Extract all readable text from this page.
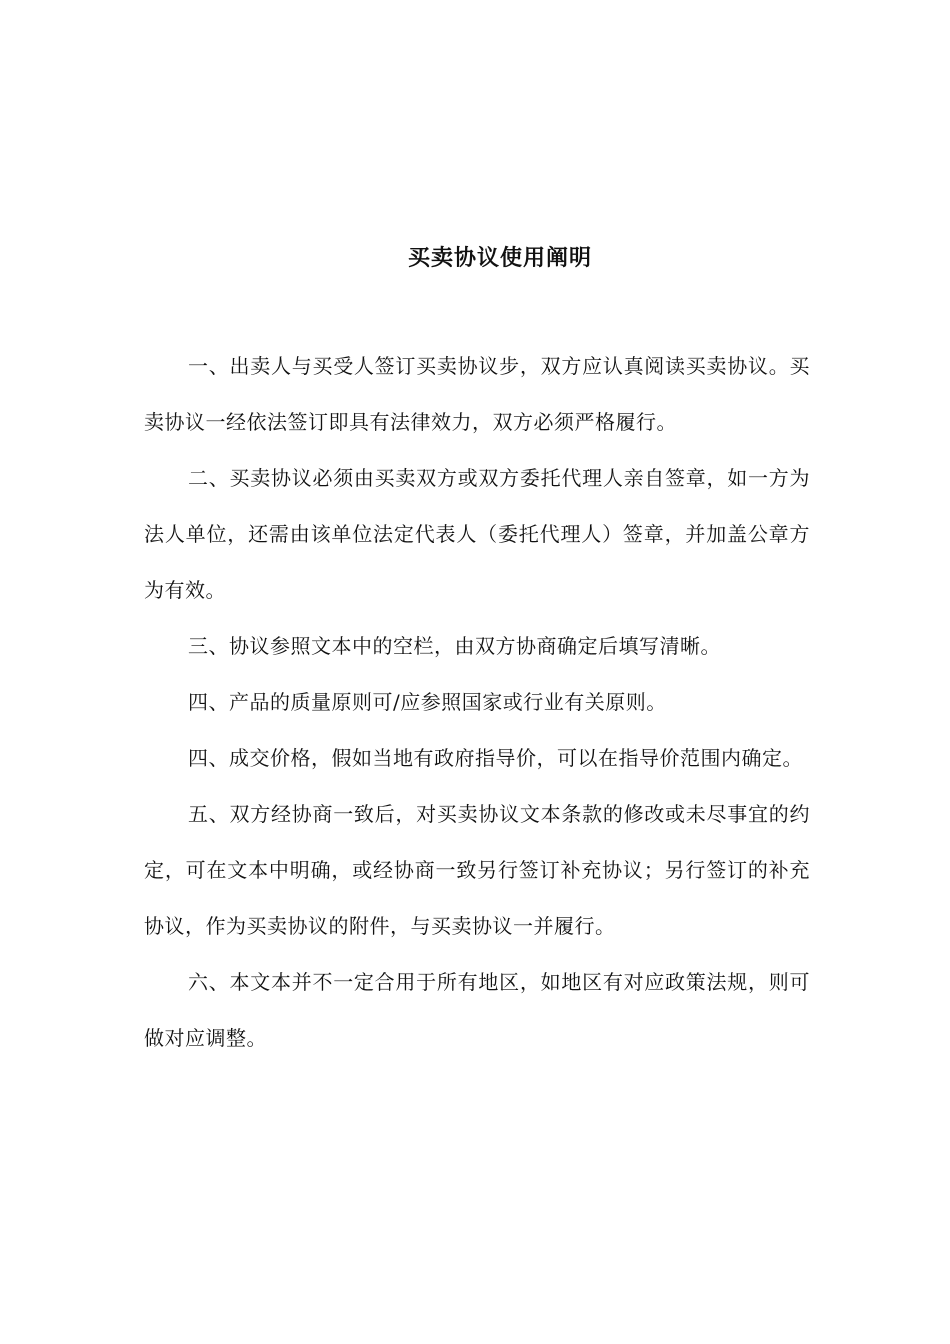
买卖协议使用阐明

一、出卖人与买受人签订买卖协议步，双方应认真阅读买卖协议。买卖协议一经依法签订即具有法律效力，双方必须严格履行。

二、买卖协议必须由买卖双方或双方委托代理人亲自签章，如一方为法人单位，还需由该单位法定代表人（委托代理人）签章，并加盖公章方为有效。

三、协议参照文本中的空栏，由双方协商确定后填写清晰。

四、产品的质量原则可/应参照国家或行业有关原则。

四、成交价格，假如当地有政府指导价，可以在指导价范围内确定。

五、双方经协商一致后，对买卖协议文本条款的修改或未尽事宜的约定，可在文本中明确，或经协商一致另行签订补充协议；另行签订的补充协议，作为买卖协议的附件，与买卖协议一并履行。

六、本文本并不一定合用于所有地区，如地区有对应政策法规，则可做对应调整。
